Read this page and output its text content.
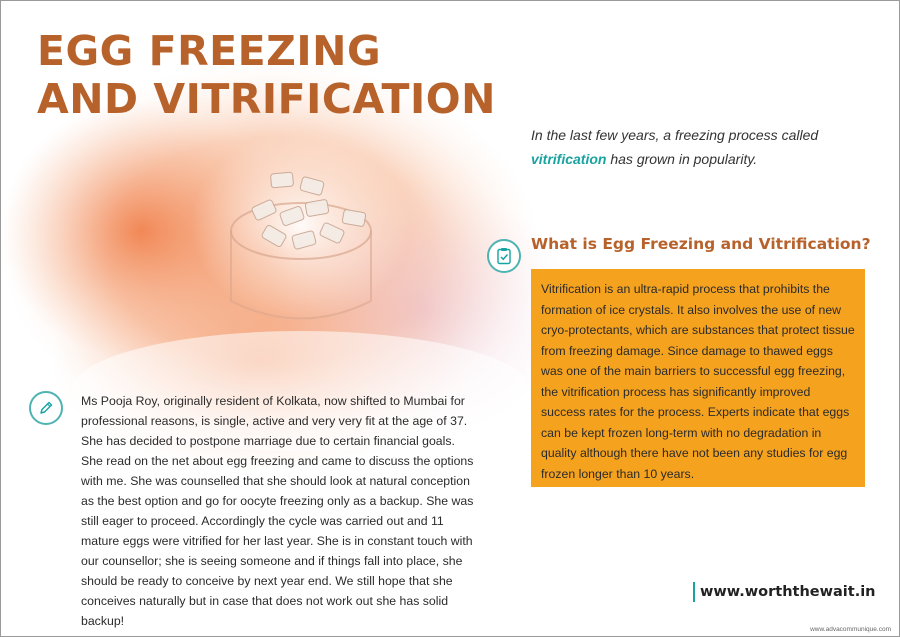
EGG FREEZING
AND VITRIFICATION

In the last few years, a freezing process called vitrification has grown in popularity.

What is Egg Freezing and Vitrification?
Vitrification is an ultra-rapid process that prohibits the formation of ice crystals. It also involves the use of new cryo-protectants, which are substances that protect tissue from freezing damage. Since damage to thawed eggs was one of the main barriers to successful egg freezing, the vitrification process has significantly improved success rates for the process. Experts indicate that eggs can be kept frozen long-term with no degradation in quality although there have not been any studies for egg frozen longer than 10 years.
Ms Pooja Roy, originally resident of Kolkata, now shifted to Mumbai for professional reasons, is single, active and very very fit at the age of 37. She has decided to postpone marriage due to certain financial goals. She read on the net about egg freezing and came to discuss the options with me. She was counselled that she should look at natural conception as the best option and go for oocyte freezing only as a backup. She was still eager to proceed. Accordingly the cycle was carried out and 11 mature eggs were vitrified for her last year. She is in constant touch with our counsellor; she is seeing someone and if things fall into place, she should be ready to conceive by next year end. We still hope that she conceives naturally but in case that does not work out she has solid backup!
www.worththewait.in
www.advacommunique.com
